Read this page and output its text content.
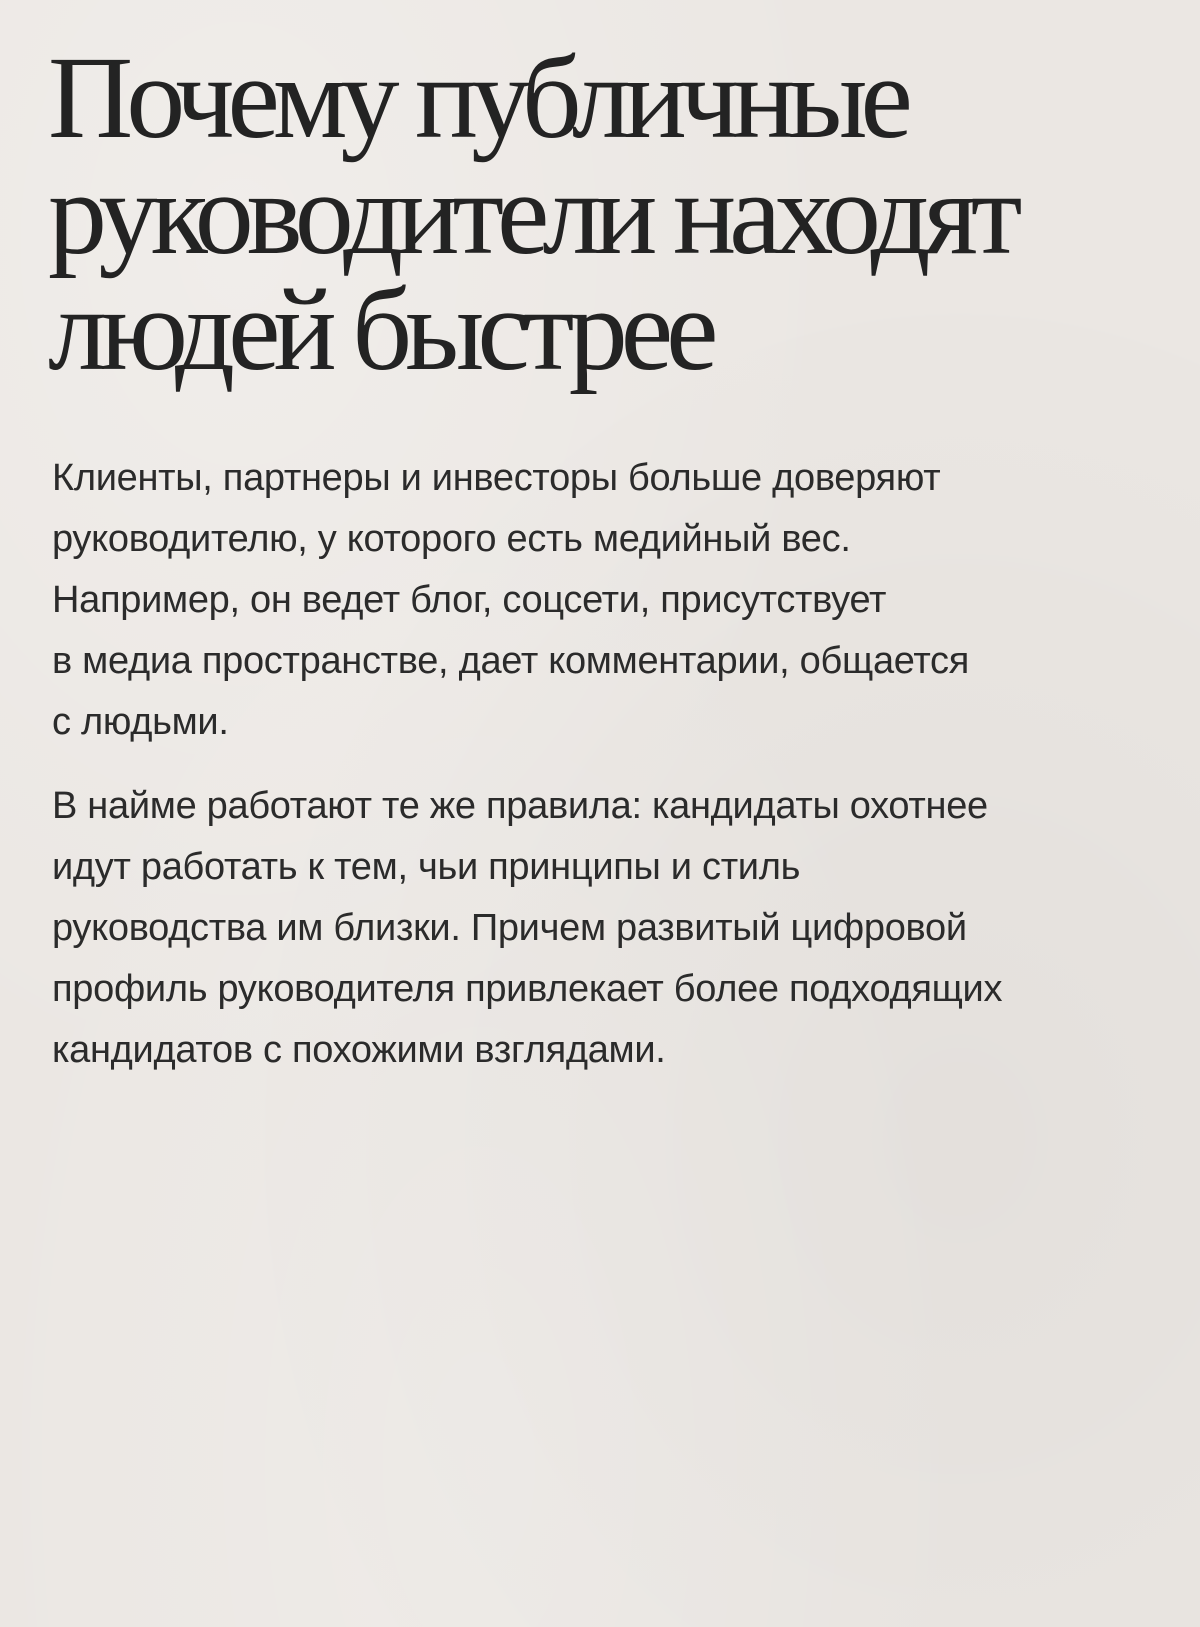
Почему публичные
руководители находят
людей быстрее

Клиенты, партнеры и инвесторы больше доверяют
руководителю, у которого есть медийный вес.
Например, он ведет блог, соцсети, присутствует
в медиа пространстве, дает комментарии, общается
с людьми.

В найме работают те же правила: кандидаты охотнее
идут работать к тем, чьи принципы и стиль
руководства им близки. Причем развитый цифровой
профиль руководителя привлекает более подходящих
кандидатов с похожими взглядами.
